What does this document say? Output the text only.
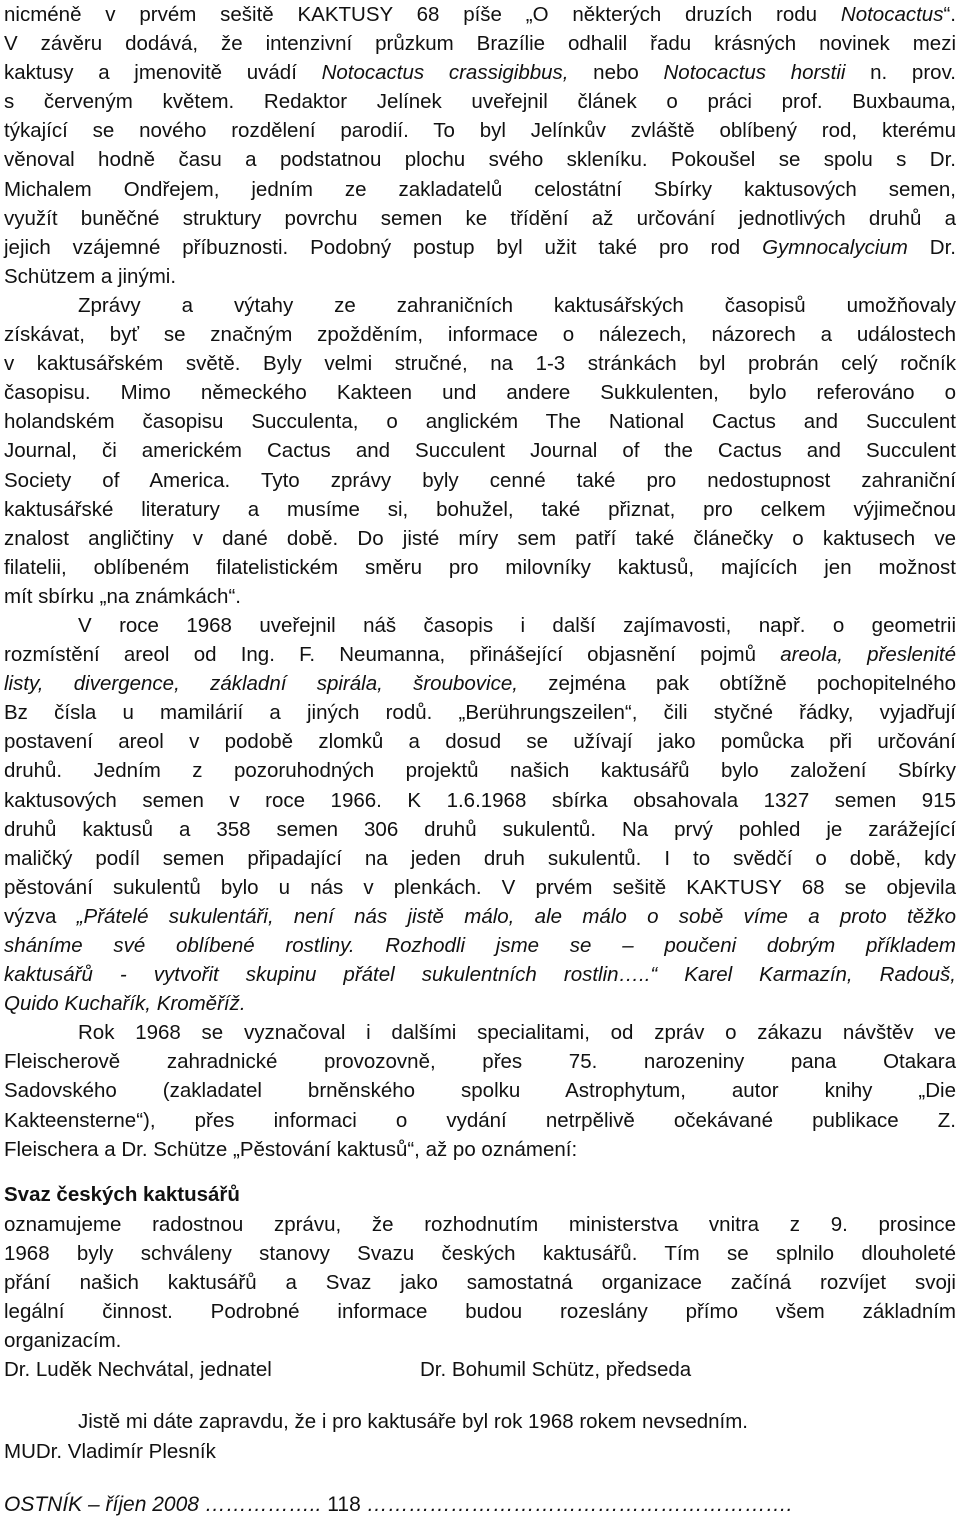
nicméně v prvém sešitě KAKTUSY 68 píše „O některých druzích rodu Notocactus“.
V závěru dodává, že intenzivní průzkum Brazílie odhalil řadu krásných novinek mezi
kaktusy a jmenovitě uvádí Notocactus crassigibbus, nebo Notocactus horstii n. prov.
s červeným květem. Redaktor Jelínek uveřejnil článek o práci prof. Buxbauma,
týkající se nového rozdělení parodií. To byl Jelínkův zvláště oblíbený rod, kterému
věnoval hodně času a podstatnou plochu svého skleníku. Pokoušel se spolu s Dr.
Michalem Ondřejem, jedním ze zakladatelů celostátní Sbírky kaktusových semen,
využít buněčné struktury povrchu semen ke třídění až určování jednotlivých druhů a
jejich vzájemné příbuznosti. Podobný postup byl užit také pro rod Gymnocalycium Dr.
Schützem a jinými.
Zprávy a výtahy ze zahraničních kaktusářských časopisů umožňovaly
získávat, byť se značným zpožděním, informace o nálezech, názorech a událostech
v kaktusářském světě. Byly velmi stručné, na 1-3 stránkách byl probrán celý ročník
časopisu. Mimo německého Kakteen und andere Sukkulenten, bylo referováno o
holandském časopisu Succulenta, o anglickém The National Cactus and Succulent
Journal, či americkém Cactus and Succulent Journal of the Cactus and Succulent
Society of America. Tyto zprávy byly cenné také pro nedostupnost zahraniční
kaktusářské literatury a musíme si, bohužel, také přiznat, pro celkem výjimečnou
znalost angličtiny v dané době. Do jisté míry sem patří také článečky o kaktusech ve
filatelii, oblíbeném filatelistickém směru pro milovníky kaktusů, majících jen možnost
mít sbírku „na známkách“.
V roce 1968 uveřejnil náš časopis i další zajímavosti, např. o geometrii
rozmístění areol od Ing. F. Neumanna, přinášející objasnění pojmů areola, přeslenité
listy, divergence, základní spirála, šroubovice, zejména pak obtížně pochopitelného
Bz čísla u mamilárií a jiných rodů. „Berührungszeilen“, čili styčné řádky, vyjadřují
postavení areol v podobě zlomků a dosud se užívají jako pomůcka při určování
druhů. Jedním z pozoruhodných projektů našich kaktusářů bylo založení Sbírky
kaktusových semen v roce 1966. K 1.6.1968 sbírka obsahovala 1327 semen 915
druhů kaktusů a 358 semen 306 druhů sukulentů. Na prvý pohled je zarážející
maličký podíl semen připadající na jeden druh sukulentů. I to svědčí o době, kdy
pěstování sukulentů bylo u nás v plenkách. V prvém sešitě KAKTUSY 68 se objevila
výzva „Přátelé sukulentáři, není nás jistě málo, ale málo o sobě víme a proto těžko
sháníme své oblíbené rostliny. Rozhodli jsme se – poučeni dobrým příkladem
kaktusářů - vytvořit skupinu přátel sukulentních rostlin…..“ Karel Karmazín, Radouš,
Quido Kuchařík, Kroměříž.
Rok 1968 se vyznačoval i dalšími specialitami, od zpráv o zákazu návštěv ve
Fleischerově zahradnické provozovně, přes 75. narozeniny pana Otakara
Sadovského (zakladatel brněnského spolku Astrophytum, autor knihy „Die
Kakteensterne“), přes informaci o vydání netrpělivě očekávané publikace Z.
Fleischera a Dr. Schütze „Pěstování kaktusů“, až po oznámení:
Svaz českých kaktusářů
oznamujeme radostnou zprávu, že rozhodnutím ministerstva vnitra z 9. prosince
1968 byly schváleny stanovy Svazu českých kaktusářů. Tím se splnilo dlouholeté
přání našich kaktusářů a Svaz jako samostatná organizace začíná rozvíjet svoji
legální činnost. Podrobné informace budou rozeslány přímo všem základním
organizacím.
Dr. Luděk Nechvátal, jednatel	Dr. Bohumil Schütz, předseda
Jistě mi dáte zapravdu, že i pro kaktusáře byl rok 1968 rokem nevsedním.
MUDr. Vladimír Plesník
OSTNÍK – říjen 2008 …………….. 118 …………………………………………………….
